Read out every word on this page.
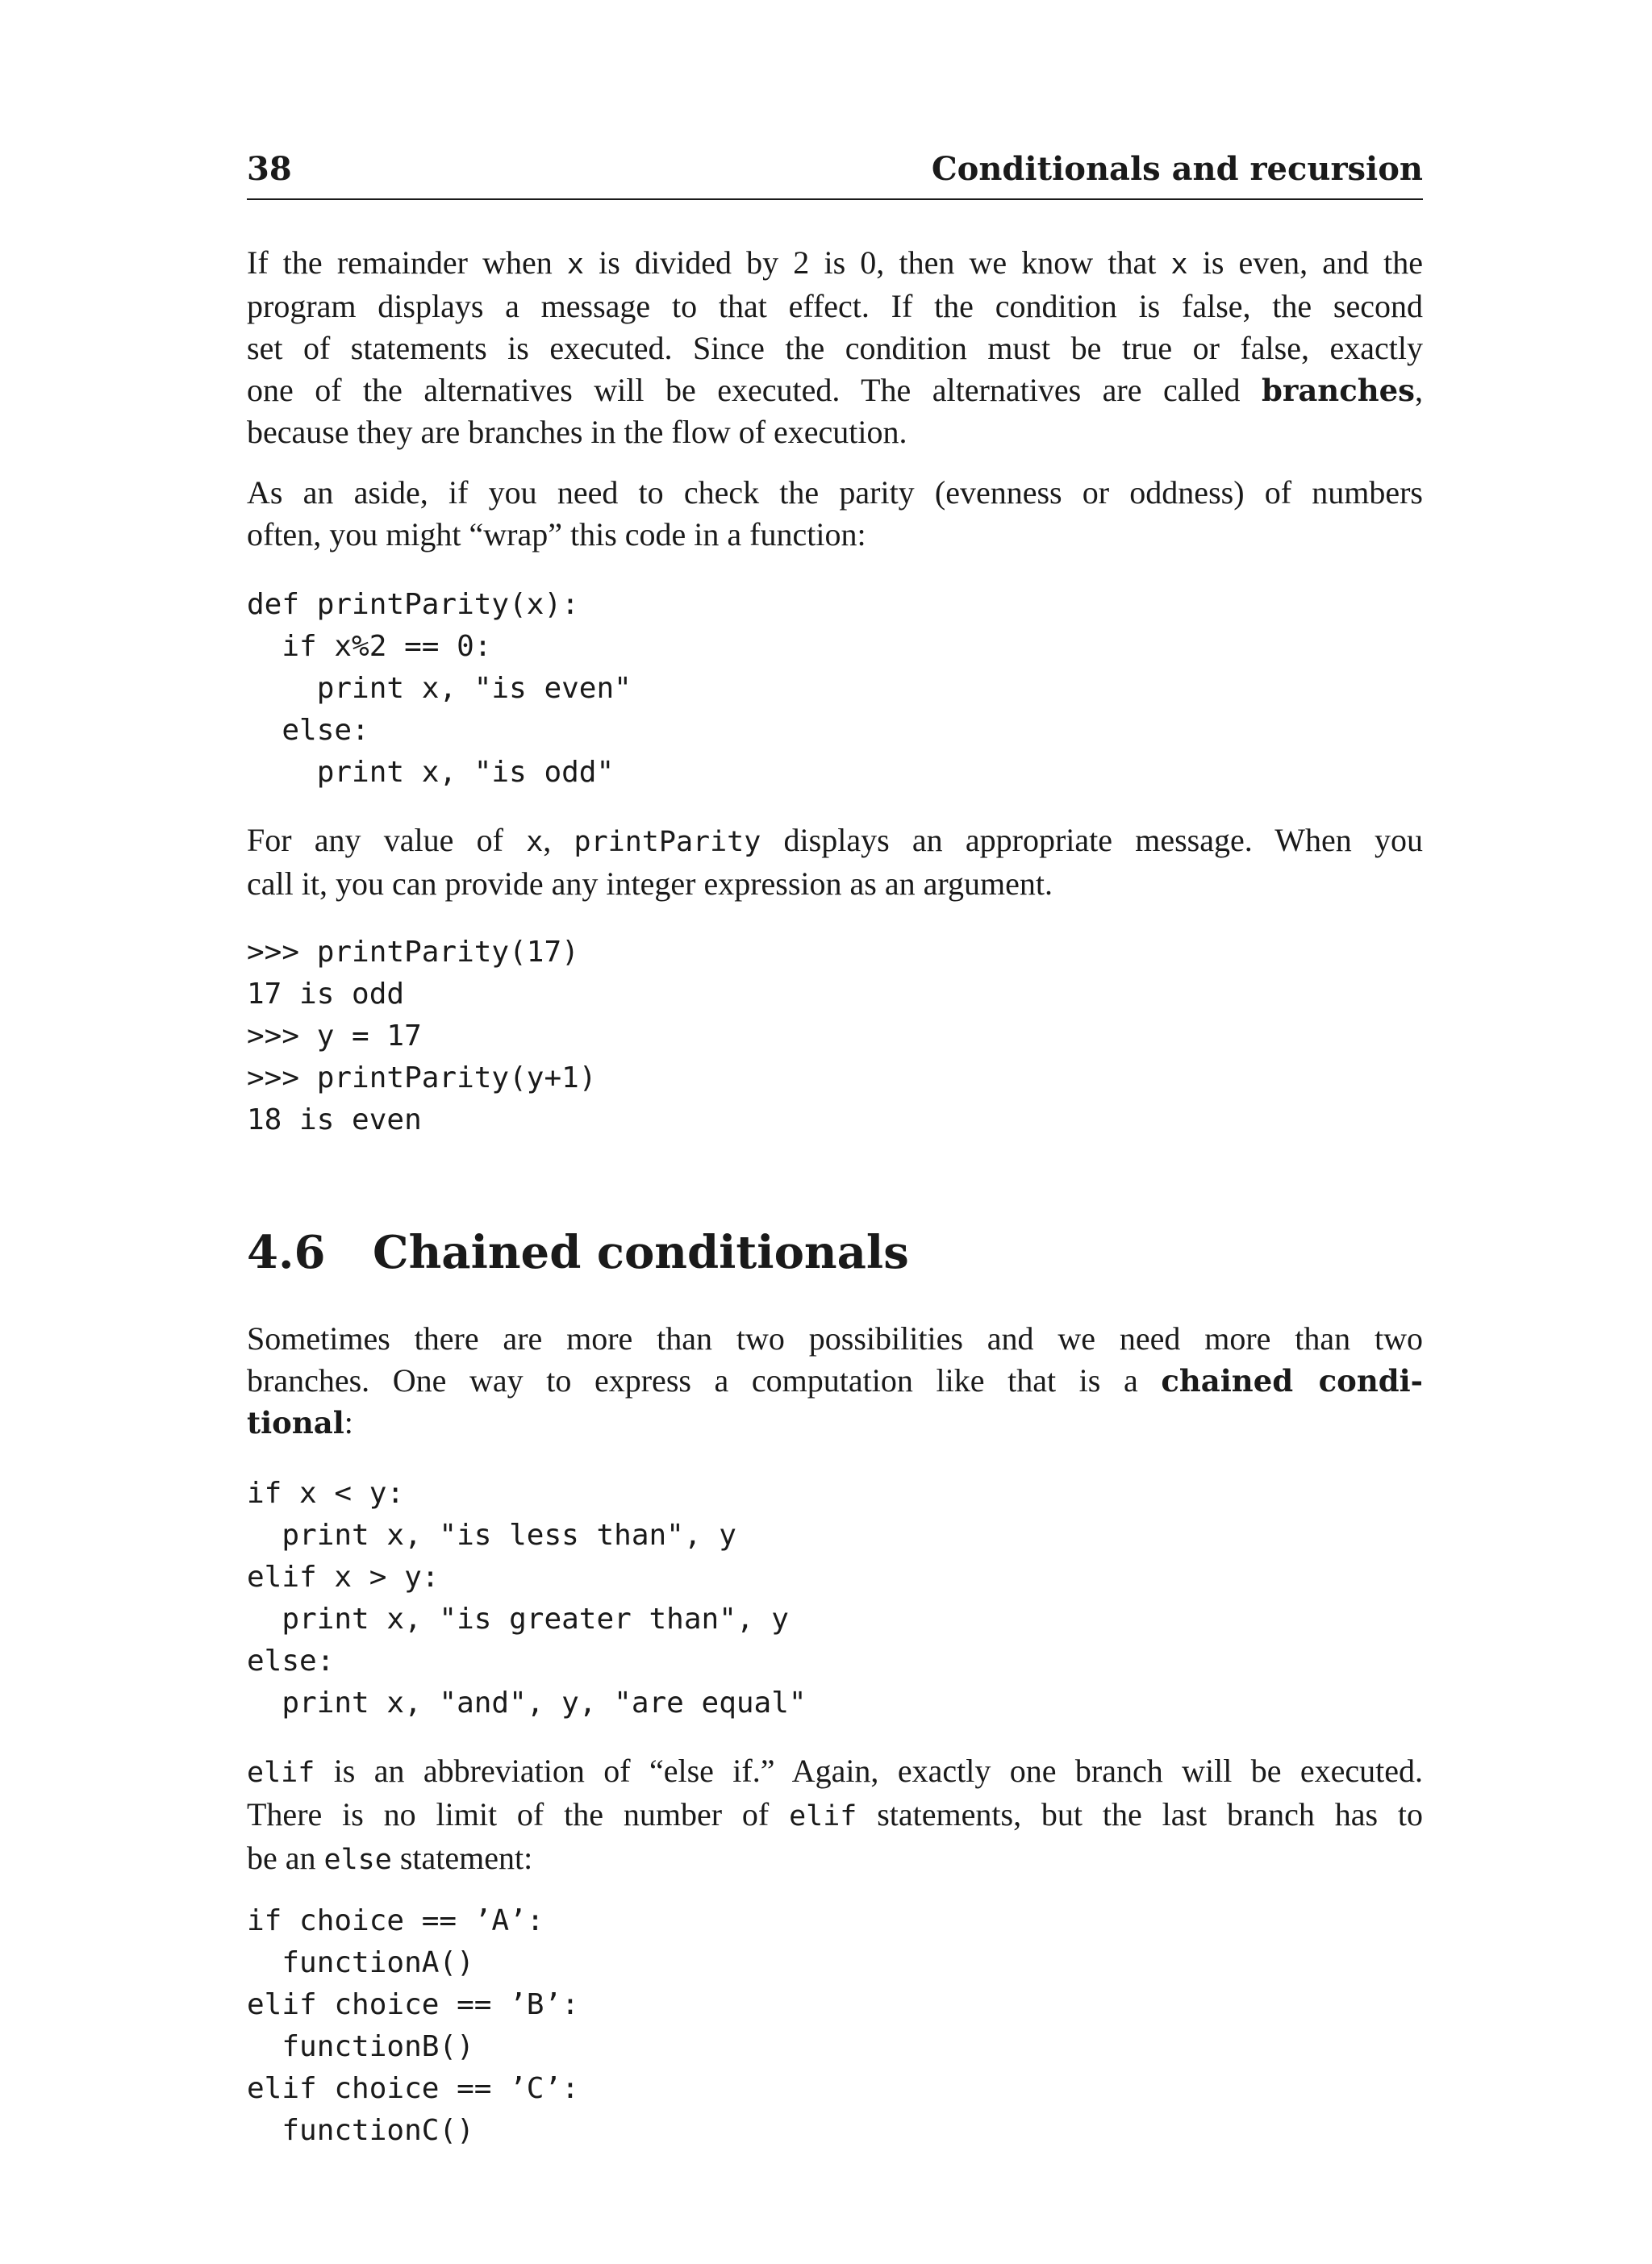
38	Conditionals and recursion
If the remainder when x is divided by 2 is 0, then we know that x is even, and the
program displays a message to that effect. If the condition is false, the second
set of statements is executed. Since the condition must be true or false, exactly
one of the alternatives will be executed. The alternatives are called branches,
because they are branches in the flow of execution.
As an aside, if you need to check the parity (evenness or oddness) of numbers
often, you might “wrap” this code in a function:
def printParity(x):
if x%2 == 0:
print x, "is even"
else:
print x, "is odd"
For any value of x, printParity displays an appropriate message. When you
call it, you can provide any integer expression as an argument.
>>> printParity(17)
17 is odd
>>> y = 17
>>> printParity(y+1)
18 is even
4.6 Chained conditionals
Sometimes there are more than two possibilities and we need more than two
branches. One way to express a computation like that is a chained condi-
tional:
if x < y:
print x, "is less than", y
elif x > y:
print x, "is greater than", y
else:
print x, "and", y, "are equal"
elif is an abbreviation of “else if.” Again, exactly one branch will be executed.
There is no limit of the number of elif statements, but the last branch has to
be an else statement:
if choice == ’A’:
functionA()
elif choice == ’B’:
functionB()
elif choice == ’C’:
functionC()
